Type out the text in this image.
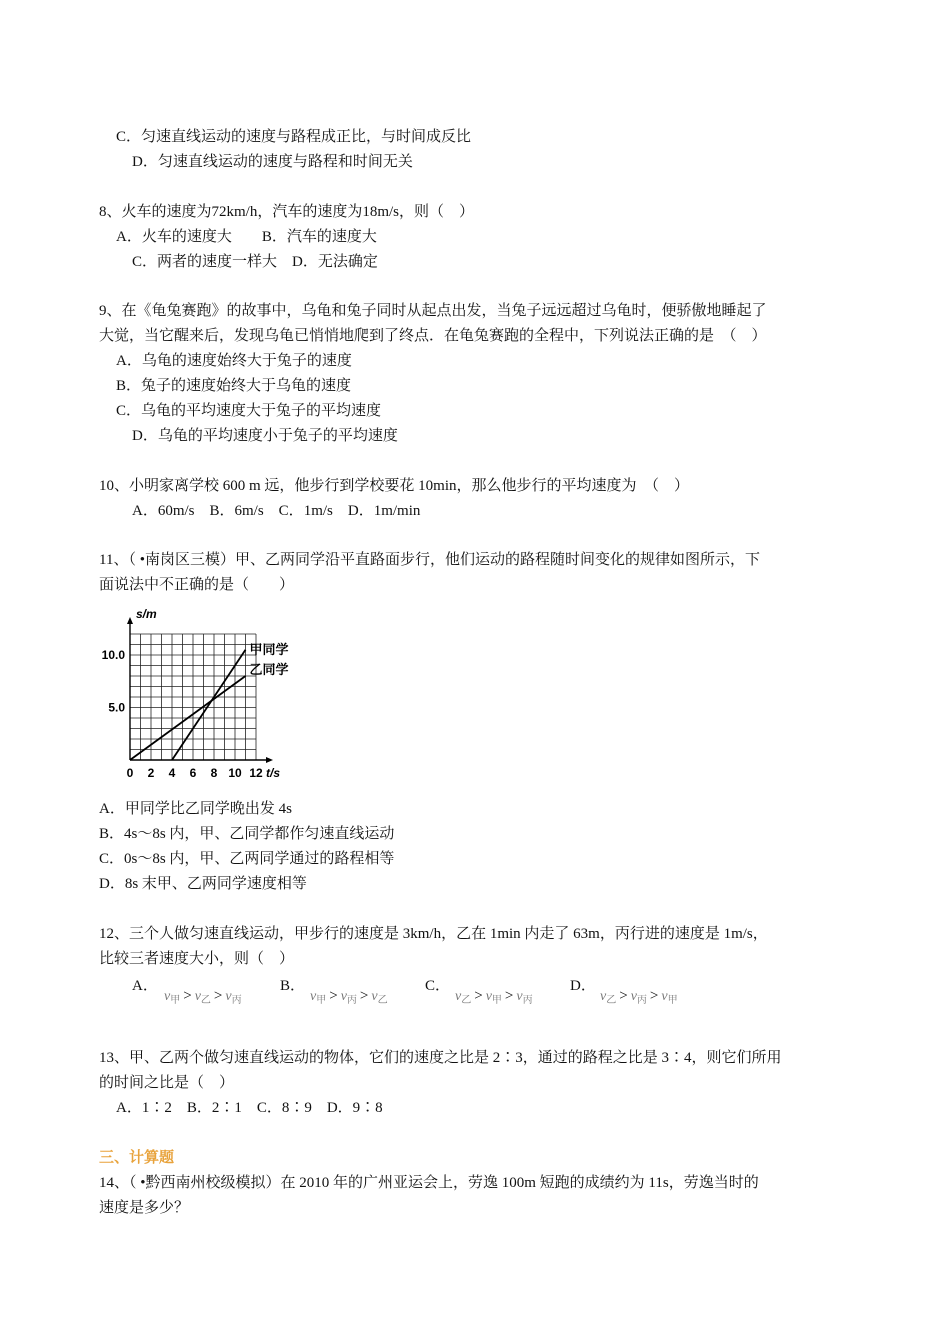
C．匀速直线运动的速度与路程成正比，与时间成反比
D．匀速直线运动的速度与路程和时间无关
8、火车的速度为72km/h，汽车的速度为18m/s，则（　）
A．火车的速度大　　B．汽车的速度大
C．两者的速度一样大　D．无法确定
9、在《龟兔赛跑》的故事中，乌龟和兔子同时从起点出发，当兔子远远超过乌龟时，便骄傲地睡起了
大觉，当它醒来后，发现乌龟已悄悄地爬到了终点．在龟兔赛跑的全程中，下列说法正确的是　（　）
A．乌龟的速度始终大于兔子的速度
B．兔子的速度始终大于乌龟的速度
C．乌龟的平均速度大于兔子的平均速度
D．乌龟的平均速度小于兔子的平均速度
10、小明家离学校 600 m 远，他步行到学校要花 10min，那么他步行的平均速度为　（　）
A．60m/s　B．6m/s　C．1m/s　D．1m/min
11、（ •南岗区三模）甲、乙两同学沿平直路面步行，他们运动的路程随时间变化的规律如图所示，下
面说法中不正确的是（　　）
0 2 4 6 8 10 12
5.0
10.0
s/m
t/s
甲同学
乙同学
A．甲同学比乙同学晚出发 4s
B．4s～8s 内，甲、乙同学都作匀速直线运动
C．0s～8s 内，甲、乙两同学通过的路程相等
D．8s 末甲、乙两同学速度相等
12、三个人做匀速直线运动，甲步行的速度是 3km/h，乙在 1min 内走了 63m，丙行进的速度是 1m/s，
比较三者速度大小，则（　）
A．
$v_甲 > v_乙 > v_丙$
B．
$v_甲 > v_丙 > v_乙$
C．
$v_乙 > v_甲 > v_丙$
D．
$v_乙 > v_丙 > v_甲$
13、甲、乙两个做匀速直线运动的物体，它们的速度之比是 2∶3，通过的路程之比是 3∶4，则它们所用
的时间之比是（　）
A．1∶2　B．2∶1　C．8∶9　D．9∶8
三、计算题
14、（ •黔西南州校级模拟）在 2010 年的广州亚运会上，劳逸 100m 短跑的成绩约为 11s，劳逸当时的
速度是多少？
